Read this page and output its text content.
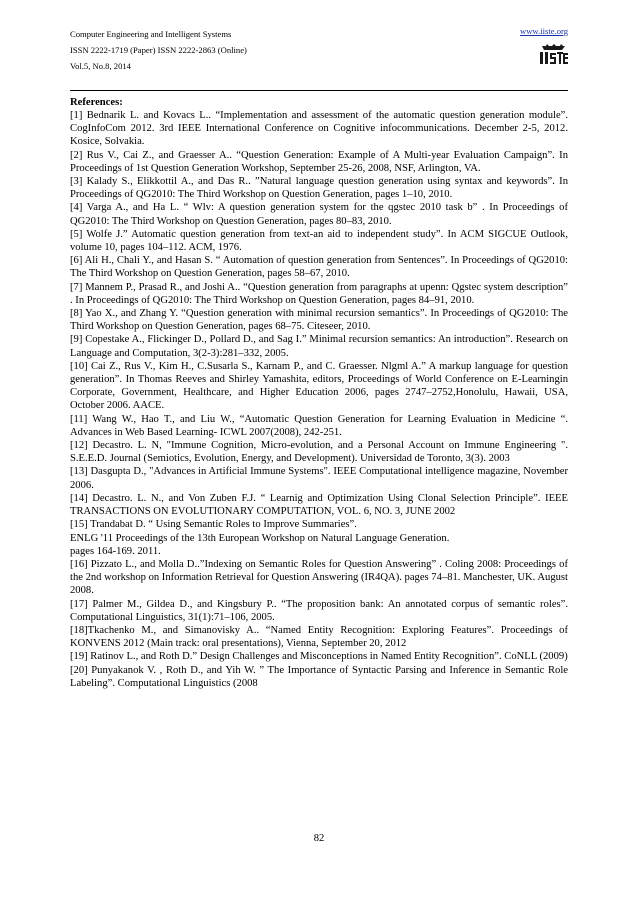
Computer Engineering and Intelligent Systems
ISSN 2222-1719 (Paper) ISSN 2222-2863 (Online)
Vol.5, No.8, 2014
www.iiste.org
References:
[1] Bednarik L. and Kovacs L.. “Implementation and assessment of the automatic question generation module”. CogInfoCom 2012. 3rd IEEE International Conference on Cognitive infocommunications. December 2-5, 2012. Kosice, Solvakia.
[2] Rus V., Cai Z., and Graesser A.. “Question Generation: Example of A Multi-year Evaluation Campaign”. In Proceedings of 1st Question Generation Workshop, September 25-26, 2008, NSF, Arlington, VA.
[3] Kalady S., Elikkottil A., and Das R.. ”Natural language question generation using syntax and keywords”. In Proceedings of QG2010: The Third Workshop on Question Generation, pages 1–10, 2010.
[4] Varga A., and Ha L. “ Wlv: A question generation system for the qgstec 2010 task b” . In Proceedings of QG2010: The Third Workshop on Question Generation, pages 80–83, 2010.
[5] Wolfe J.” Automatic question generation from text-an aid to independent study”. In ACM SIGCUE Outlook, volume 10, pages 104–112. ACM, 1976.
[6] Ali H., Chali Y., and Hasan S. “ Automation of question generation from Sentences”. In Proceedings of QG2010: The Third Workshop on Question Generation, pages 58–67, 2010.
[7] Mannem P., Prasad R., and Joshi A.. “Question generation from paragraphs at upenn: Qgstec system description” . In Proceedings of QG2010: The Third Workshop on Question Generation, pages 84–91, 2010.
[8] Yao X., and Zhang Y. “Question generation with minimal recursion semantics”. In Proceedings of QG2010: The Third Workshop on Question Generation, pages 68–75. Citeseer, 2010.
[9] Copestake A., Flickinger D., Pollard D., and Sag I.” Minimal recursion semantics: An introduction”. Research on Language and Computation, 3(2-3):281–332, 2005.
[10] Cai Z., Rus V., Kim H., C.Susarla S., Karnam P., and C. Graesser. Nlgml A.” A markup language for question generation”. In Thomas Reeves and Shirley Yamashita, editors, Proceedings of World Conference on E-Learningin Corporate, Government, Healthcare, and Higher Education 2006, pages 2747–2752,Honolulu, Hawaii, USA, October 2006. AACE.
[11] Wang W., Hao T., and Liu W., “Automatic Question Generation for Learning Evaluation in Medicine “. Advances in Web Based Learning- ICWL 2007(2008), 242-251.
[12] Decastro. L. N, "Immune Cognition, Micro-evolution, and a Personal Account on Immune Engineering ". S.E.E.D. Journal (Semiotics, Evolution, Energy, and Development). Universidad de Toronto, 3(3). 2003
[13] Dasgupta D., "Advances in Artificial Immune Systems". IEEE Computational intelligence magazine, November 2006.
[14] Decastro. L. N., and Von Zuben F.J. “ Learnig and Optimization Using Clonal Selection Principle”. IEEE TRANSACTIONS ON EVOLUTIONARY COMPUTATION, VOL. 6, NO. 3, JUNE 2002
[15] Trandabat D. “ Using Semantic Roles to Improve Summaries”.
ENLG '11 Proceedings of the 13th European Workshop on Natural Language Generation.
pages 164-169. 2011.
[16] Pizzato L., and Molla D..”Indexing on Semantic Roles for Question Answering” . Coling 2008: Proceedings of the 2nd workshop on Information Retrieval for Question Answering (IR4QA). pages 74–81. Manchester, UK. August 2008.
[17] Palmer M., Gildea D., and Kingsbury P.. “The proposition bank: An annotated corpus of semantic roles”. Computational Linguistics, 31(1):71–106, 2005.
[18]Tkachenko M., and Simanovisky A.. “Named Entity Recognition: Exploring Features”. Proceedings of KONVENS 2012 (Main track: oral presentations), Vienna, September 20, 2012
[19] Ratinov L., and Roth D.” Design Challenges and Misconceptions in Named Entity Recognition”. CoNLL (2009)
[20] Punyakanok V. , Roth D., and Yih W. ” The Importance of Syntactic Parsing and Inference in Semantic Role Labeling”. Computational Linguistics (2008
82
